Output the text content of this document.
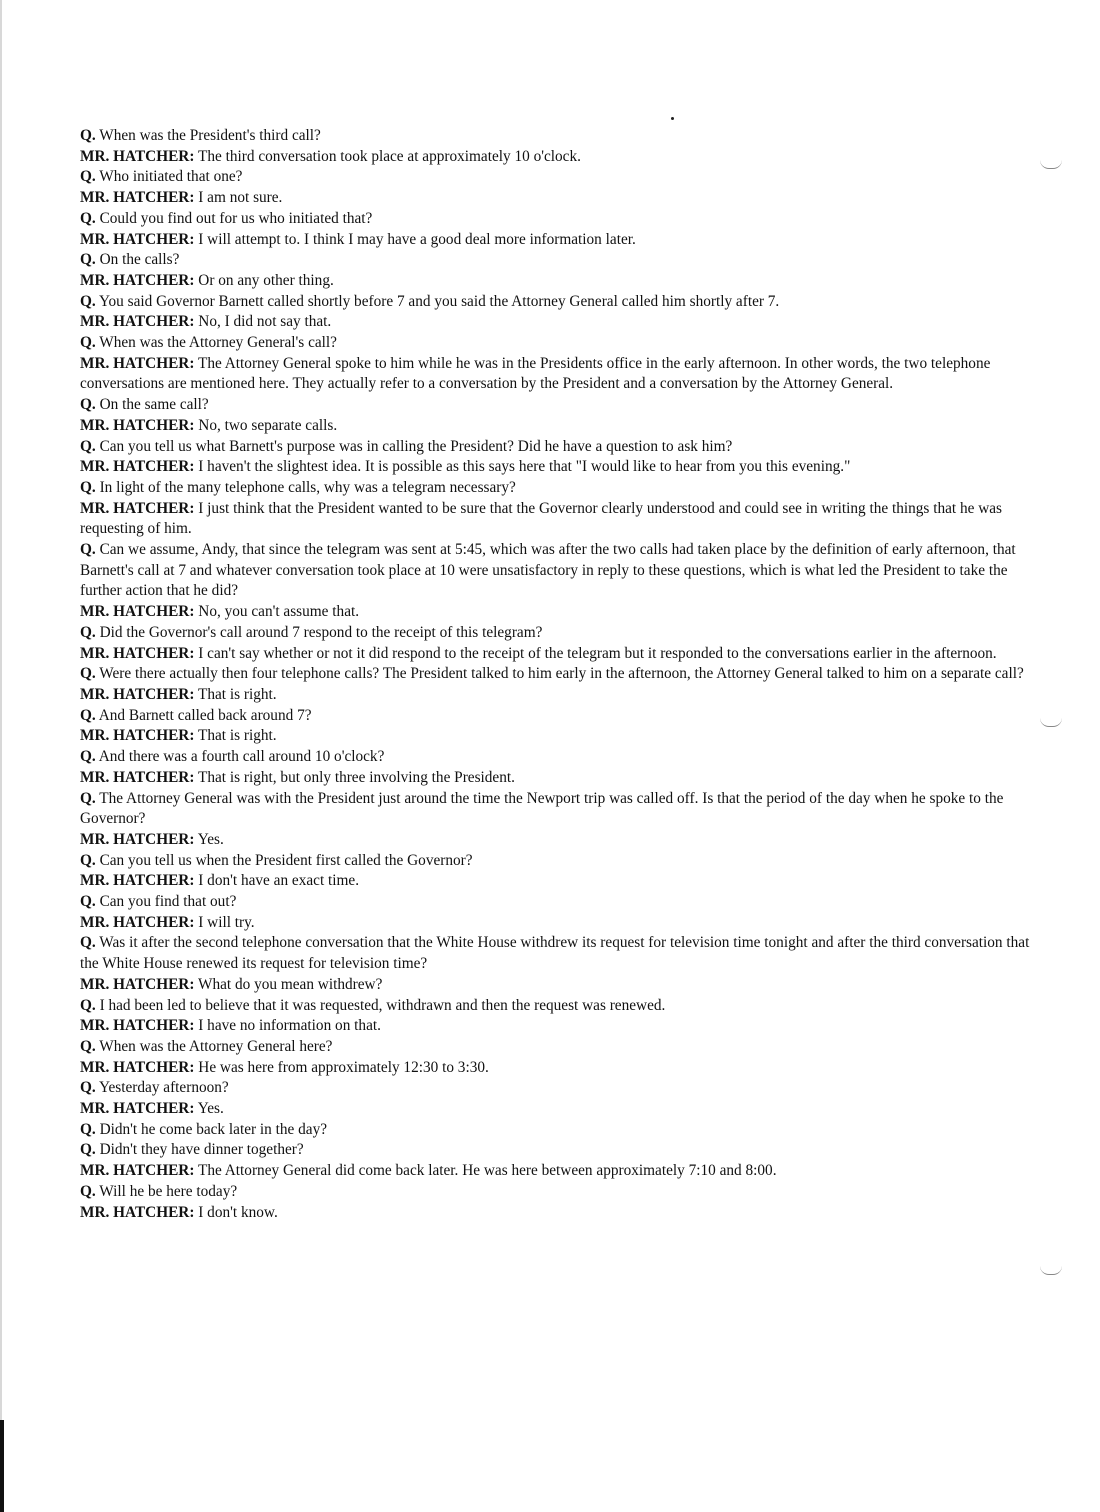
Q. When was the President's third call?

MR. HATCHER: The third conversation took place at approximately 10 o'clock.

Q. Who initiated that one?

MR. HATCHER: I am not sure.

Q. Could you find out for us who initiated that?

MR. HATCHER: I will attempt to. I think I may have a good deal more information later.

Q. On the calls?

MR. HATCHER: Or on any other thing.

Q. You said Governor Barnett called shortly before 7 and you said the Attorney General called him shortly after 7.

MR. HATCHER: No, I did not say that.

Q. When was the Attorney General's call?

MR. HATCHER: The Attorney General spoke to him while he was in the Presidents office in the early afternoon. In other words, the two telephone conversations are mentioned here. They actually refer to a conversation by the President and a conversation by the Attorney General.

Q. On the same call?

MR. HATCHER: No, two separate calls.

Q. Can you tell us what Barnett's purpose was in calling the President? Did he have a question to ask him?

MR. HATCHER: I haven't the slightest idea. It is possible as this says here that "I would like to hear from you this evening."

Q. In light of the many telephone calls, why was a telegram necessary?

MR. HATCHER: I just think that the President wanted to be sure that the Governor clearly understood and could see in writing the things that he was requesting of him.

Q. Can we assume, Andy, that since the telegram was sent at 5:45, which was after the two calls had taken place by the definition of early afternoon, that Barnett's call at 7 and whatever conversation took place at 10 were unsatisfactory in reply to these questions, which is what led the President to take the further action that he did?

MR. HATCHER: No, you can't assume that.

Q. Did the Governor's call around 7 respond to the receipt of this telegram?

MR. HATCHER: I can't say whether or not it did respond to the receipt of the telegram but it responded to the conversations earlier in the afternoon.

Q. Were there actually then four telephone calls? The President talked to him early in the afternoon, the Attorney General talked to him on a separate call?

MR. HATCHER: That is right.

Q. And Barnett called back around 7?

MR. HATCHER: That is right.

Q. And there was a fourth call around 10 o'clock?

MR. HATCHER: That is right, but only three involving the President.

Q. The Attorney General was with the President just around the time the Newport trip was called off. Is that the period of the day when he spoke to the Governor?

MR. HATCHER: Yes.

Q. Can you tell us when the President first called the Governor?

MR. HATCHER: I don't have an exact time.

Q. Can you find that out?

MR. HATCHER: I will try.

Q. Was it after the second telephone conversation that the White House withdrew its request for television time tonight and after the third conversation that the White House renewed its request for television time?

MR. HATCHER: What do you mean withdrew?

Q. I had been led to believe that it was requested, withdrawn and then the request was renewed.

MR. HATCHER: I have no information on that.

Q. When was the Attorney General here?

MR. HATCHER: He was here from approximately 12:30 to 3:30.

Q. Yesterday afternoon?

MR. HATCHER: Yes.

Q. Didn't he come back later in the day?

Q. Didn't they have dinner together?

MR. HATCHER: The Attorney General did come back later. He was here between approximately 7:10 and 8:00.

Q. Will he be here today?

MR. HATCHER: I don't know.
